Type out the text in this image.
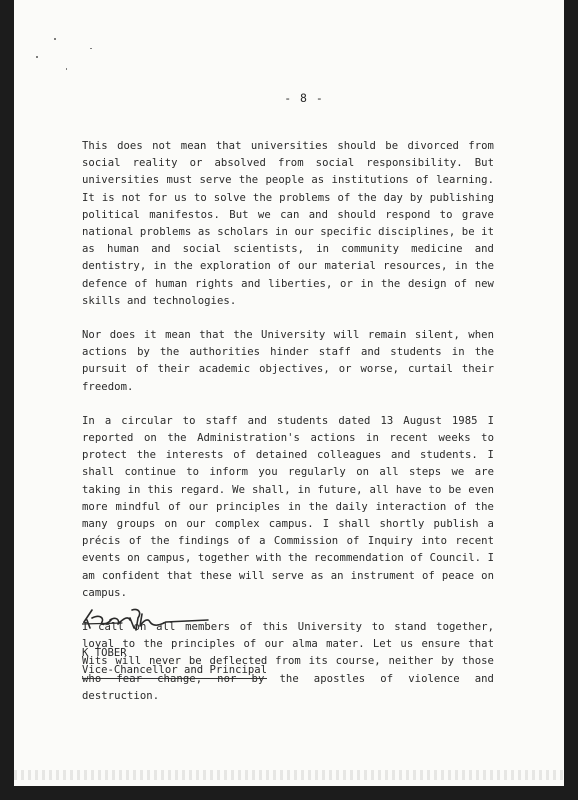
- 8 -

This does not mean that universities should be divorced from social reality or absolved from social responsibility. But universities must serve the people as institutions of learning. It is not for us to solve the problems of the day by publishing political manifestos. But we can and should respond to grave national problems as scholars in our specific disciplines, be it as human and social scientists, in community medicine and dentistry, in the exploration of our material resources, in the defence of human rights and liberties, or in the design of new skills and technologies.

Nor does it mean that the University will remain silent, when actions by the authorities hinder staff and students in the pursuit of their academic objectives, or worse, curtail their freedom.

In a circular to staff and students dated 13 August 1985 I reported on the Administration's actions in recent weeks to protect the interests of detained colleagues and students. I shall continue to inform you regularly on all steps we are taking in this regard. We shall, in future, all have to be even more mindful of our principles in the daily interaction of the many groups on our complex campus. I shall shortly publish a précis of the findings of a Commission of Inquiry into recent events on campus, together with the recommendation of Council. I am confident that these will serve as an instrument of peace on campus.

I call on all members of this University to stand together, loyal to the principles of our alma mater. Let us ensure that Wits will never be deflected from its course, neither by those who fear change, nor by the apostles of violence and destruction.

K TOBER
Vice-Chancellor and Principal
